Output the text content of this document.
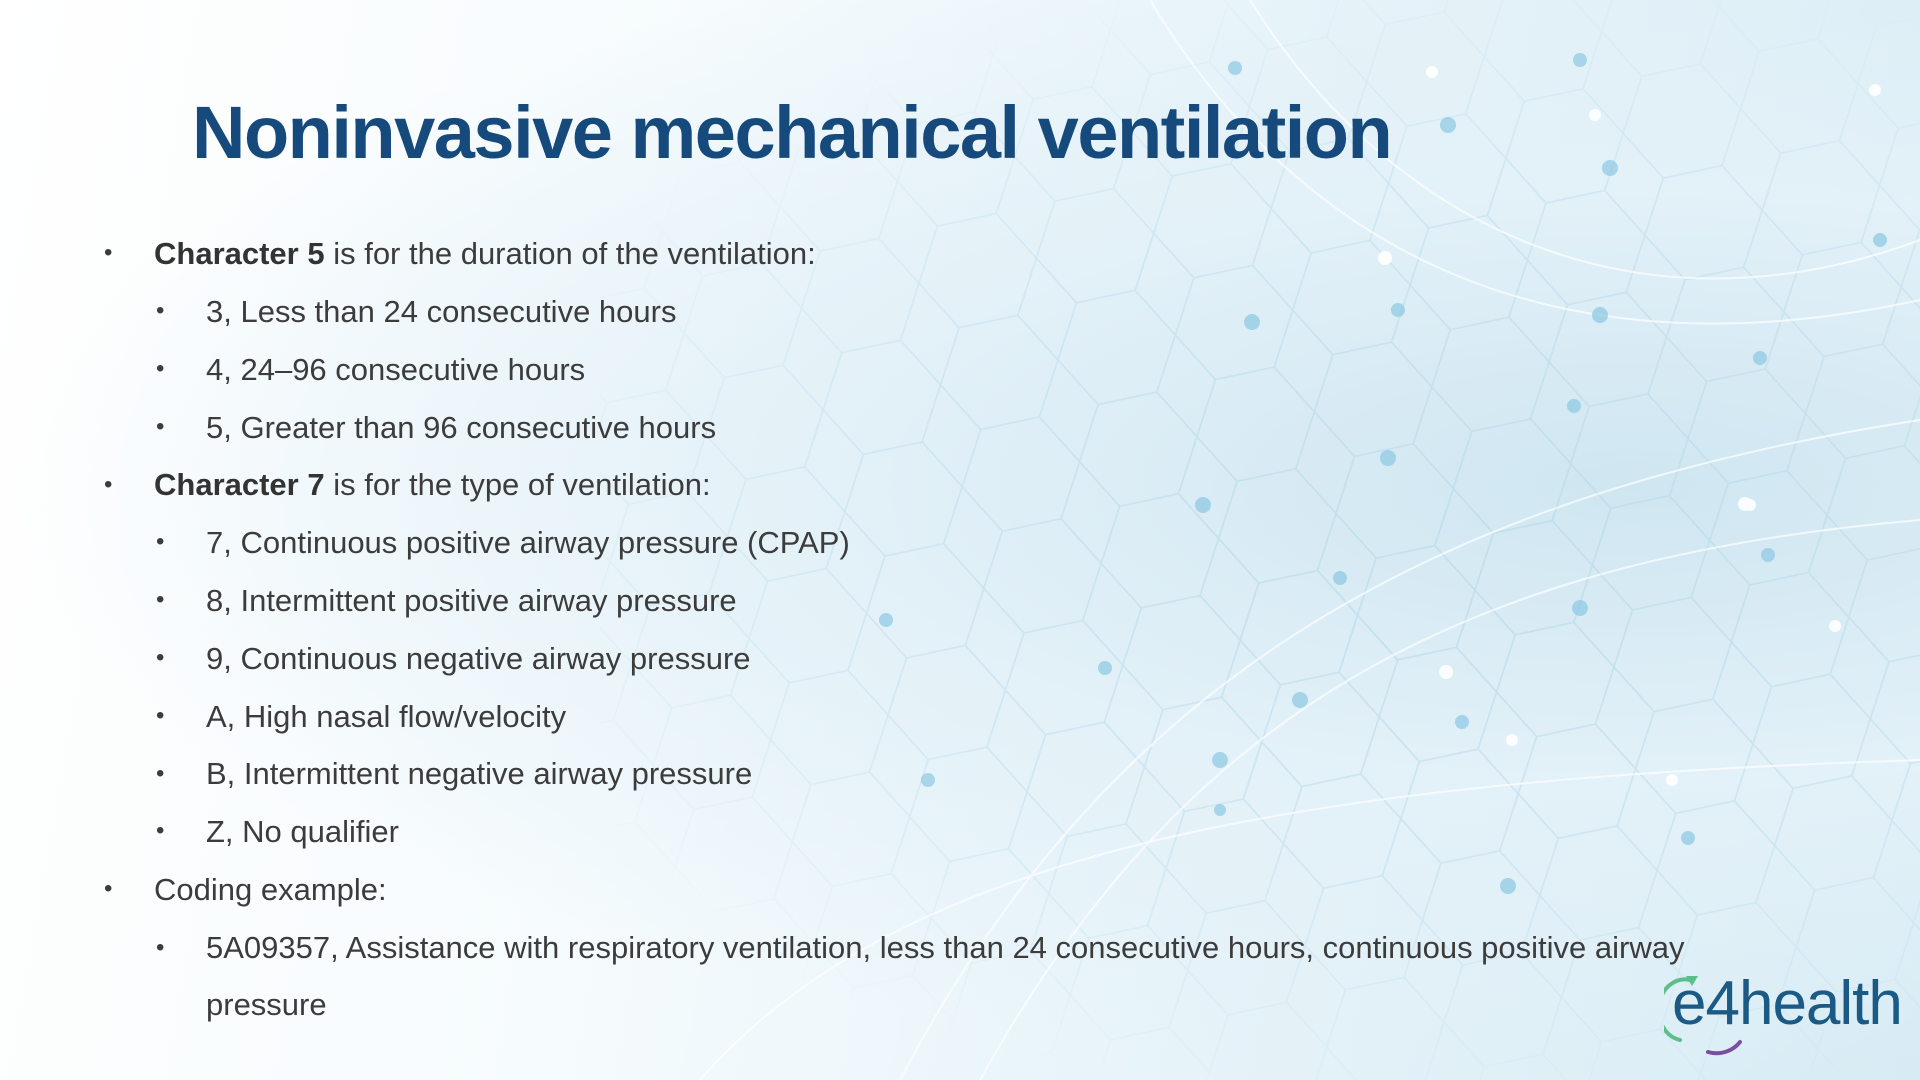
Noninvasive mechanical ventilation

• Character 5 is for the duration of the ventilation:

• 3, Less than 24 consecutive hours

• 4, 24–96 consecutive hours

• 5, Greater than 96 consecutive hours

• Character 7 is for the type of ventilation:

• 7, Continuous positive airway pressure (CPAP)

• 8, Intermittent positive airway pressure

• 9, Continuous negative airway pressure

• A, High nasal flow/velocity

• B, Intermittent negative airway pressure

• Z, No qualifier

• Coding example:

• 5A09357, Assistance with respiratory ventilation, less than 24 consecutive hours, continuous positive airway
pressure	e4health
